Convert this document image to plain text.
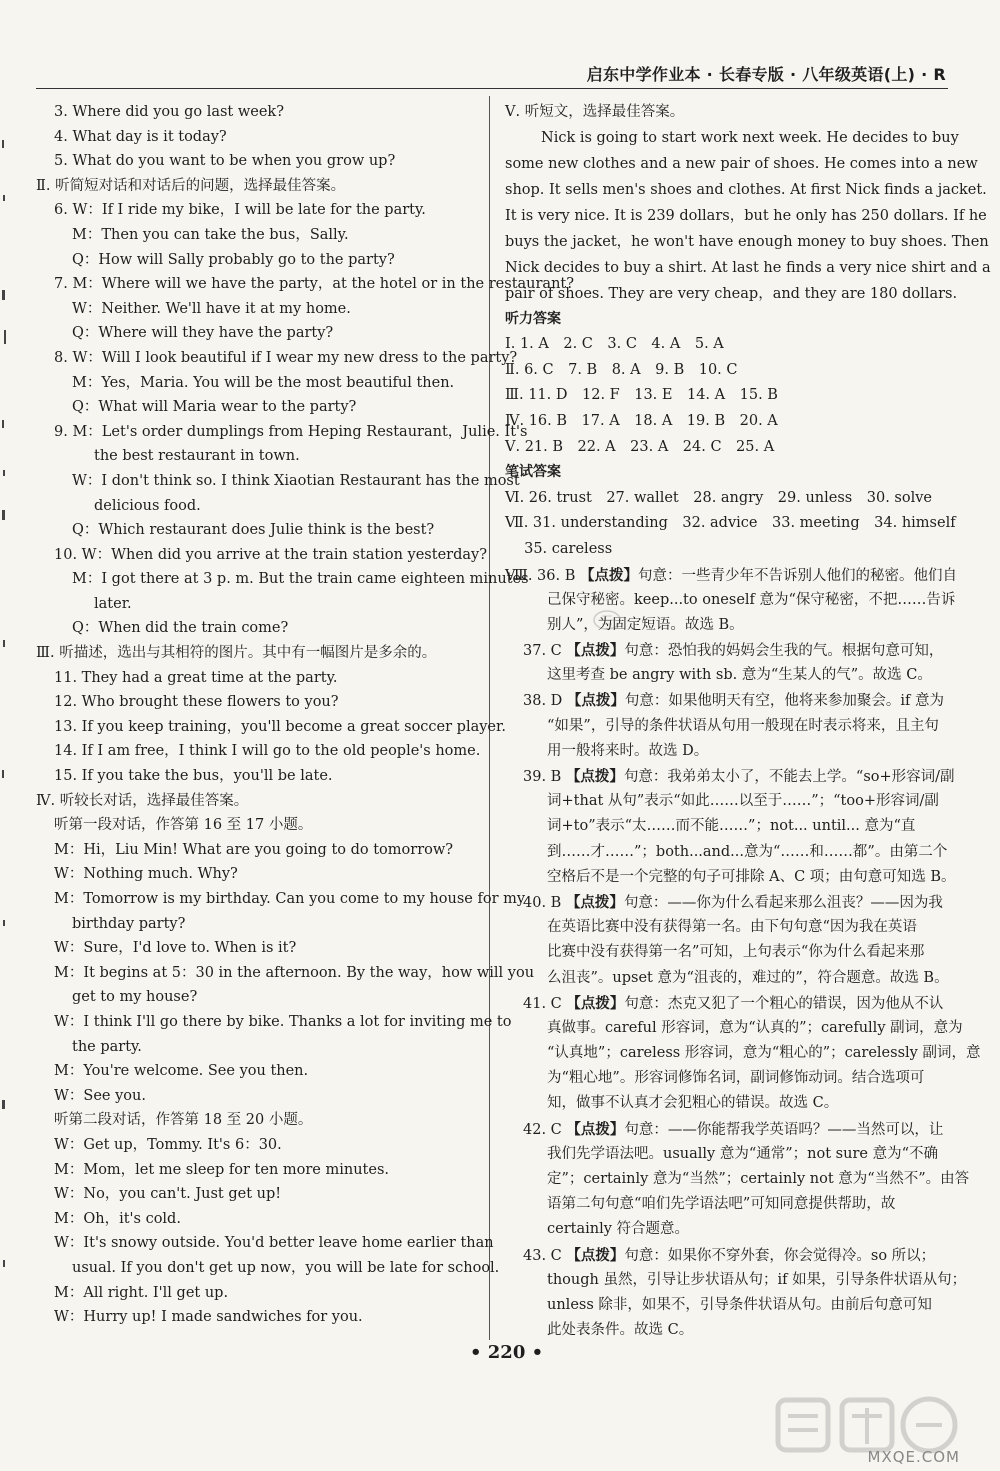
启东中学作业本 · 长春专版 · 八年级英语(上) · R
3. Where did you go last week?
4. What day is it today?
5. What do you want to be when you grow up?
Ⅱ. 听简短对话和对话后的问题，选择最佳答案。
6. W：If I ride my bike，I will be late for the party.
M：Then you can take the bus，Sally.
Q：How will Sally probably go to the party?
7. M：Where will we have the party，at the hotel or in the restaurant?
W：Neither. We'll have it at my home.
Q：Where will they have the party?
8. W：Will I look beautiful if I wear my new dress to the party?
M：Yes，Maria. You will be the most beautiful then.
Q：What will Maria wear to the party?
9. M：Let's order dumplings from Heping Restaurant，Julie. It's
the best restaurant in town.
W：I don't think so. I think Xiaotian Restaurant has the most
delicious food.
Q：Which restaurant does Julie think is the best?
10. W：When did you arrive at the train station yesterday?
M：I got there at 3 p. m. But the train came eighteen minutes
later.
Q：When did the train come?
Ⅲ. 听描述，选出与其相符的图片。其中有一幅图片是多余的。
11. They had a great time at the party.
12. Who brought these flowers to you?
13. If you keep training，you'll become a great soccer player.
14. If I am free，I think I will go to the old people's home.
15. If you take the bus，you'll be late.
Ⅳ. 听较长对话，选择最佳答案。
听第一段对话，作答第 16 至 17 小题。
M：Hi，Liu Min! What are you going to do tomorrow?
W：Nothing much. Why?
M：Tomorrow is my birthday. Can you come to my house for my
birthday party?
W：Sure，I'd love to. When is it?
M：It begins at 5：30 in the afternoon. By the way，how will you
get to my house?
W：I think I'll go there by bike. Thanks a lot for inviting me to
the party.
M：You're welcome. See you then.
W：See you.
听第二段对话，作答第 18 至 20 小题。
W：Get up，Tommy. It's 6：30.
M：Mom，let me sleep for ten more minutes.
W：No，you can't. Just get up!
M：Oh，it's cold.
W：It's snowy outside. You'd better leave home earlier than
usual. If you don't get up now，you will be late for school.
M：All right. I'll get up.
W：Hurry up! I made sandwiches for you.
Ⅴ. 听短文，选择最佳答案。
Nick is going to start work next week. He decides to buy
some new clothes and a new pair of shoes. He comes into a new
shop. It sells men's shoes and clothes. At first Nick finds a jacket.
It is very nice. It is 239 dollars，but he only has 250 dollars. If he
buys the jacket，he won't have enough money to buy shoes. Then
Nick decides to buy a shirt. At last he finds a very nice shirt and a
pair of shoes. They are very cheap，and they are 180 dollars.
听力答案
Ⅰ. 1. A　2. C　3. C　4. A　5. A
Ⅱ. 6. C　7. B　8. A　9. B　10. C
Ⅲ. 11. D　12. F　13. E　14. A　15. B
Ⅳ. 16. B　17. A　18. A　19. B　20. A
Ⅴ. 21. B　22. A　23. A　24. C　25. A
笔试答案
Ⅵ. 26. trust　27. wallet　28. angry　29. unless　30. solve
Ⅶ. 31. understanding　32. advice　33. meeting　34. himself
　 35. careless
Ⅷ. 36. B 【点拨】句意：一些青少年不告诉别人他们的秘密。他们自
己保守秘密。keep...to oneself 意为“保守秘密，不把……告诉
别人”，为固定短语。故选 B。
37. C 【点拨】句意：恐怕我的妈妈会生我的气。根据句意可知，
这里考查 be angry with sb. 意为“生某人的气”。故选 C。
38. D 【点拨】句意：如果他明天有空，他将来参加聚会。if 意为
“如果”，引导的条件状语从句用一般现在时表示将来，且主句
用一般将来时。故选 D。
39. B 【点拨】句意：我弟弟太小了，不能去上学。“so+形容词/副
词+that 从句”表示“如此……以至于……”；“too+形容词/副
词+to”表示“太……而不能……”；not... until... 意为“直
到……才……”；both...and...意为“……和……都”。由第二个
空格后不是一个完整的句子可排除 A、C 项；由句意可知选 B。
40. B 【点拨】句意：——你为什么看起来那么沮丧？——因为我
在英语比赛中没有获得第一名。由下句句意“因为我在英语
比赛中没有获得第一名”可知，上句表示“你为什么看起来那
么沮丧”。upset 意为“沮丧的，难过的”，符合题意。故选 B。
41. C 【点拨】句意：杰克又犯了一个粗心的错误，因为他从不认
真做事。careful 形容词，意为“认真的”；carefully 副词，意为
“认真地”；careless 形容词，意为“粗心的”；carelessly 副词，意
为“粗心地”。形容词修饰名词，副词修饰动词。结合选项可
知，做事不认真才会犯粗心的错误。故选 C。
42. C 【点拨】句意：——你能帮我学英语吗？——当然可以，让
我们先学语法吧。usually 意为“通常”；not sure 意为“不确
定”；certainly 意为“当然”；certainly not 意为“当然不”。由答
语第二句句意“咱们先学语法吧”可知同意提供帮助，故
certainly 符合题意。
43. C 【点拨】句意：如果你不穿外套，你会觉得冷。so 所以；
though 虽然，引导让步状语从句；if 如果，引导条件状语从句；
unless 除非，如果不，引导条件状语从句。由前后句意可知
此处表条件。故选 C。
• 220 •
MXQE.COM
